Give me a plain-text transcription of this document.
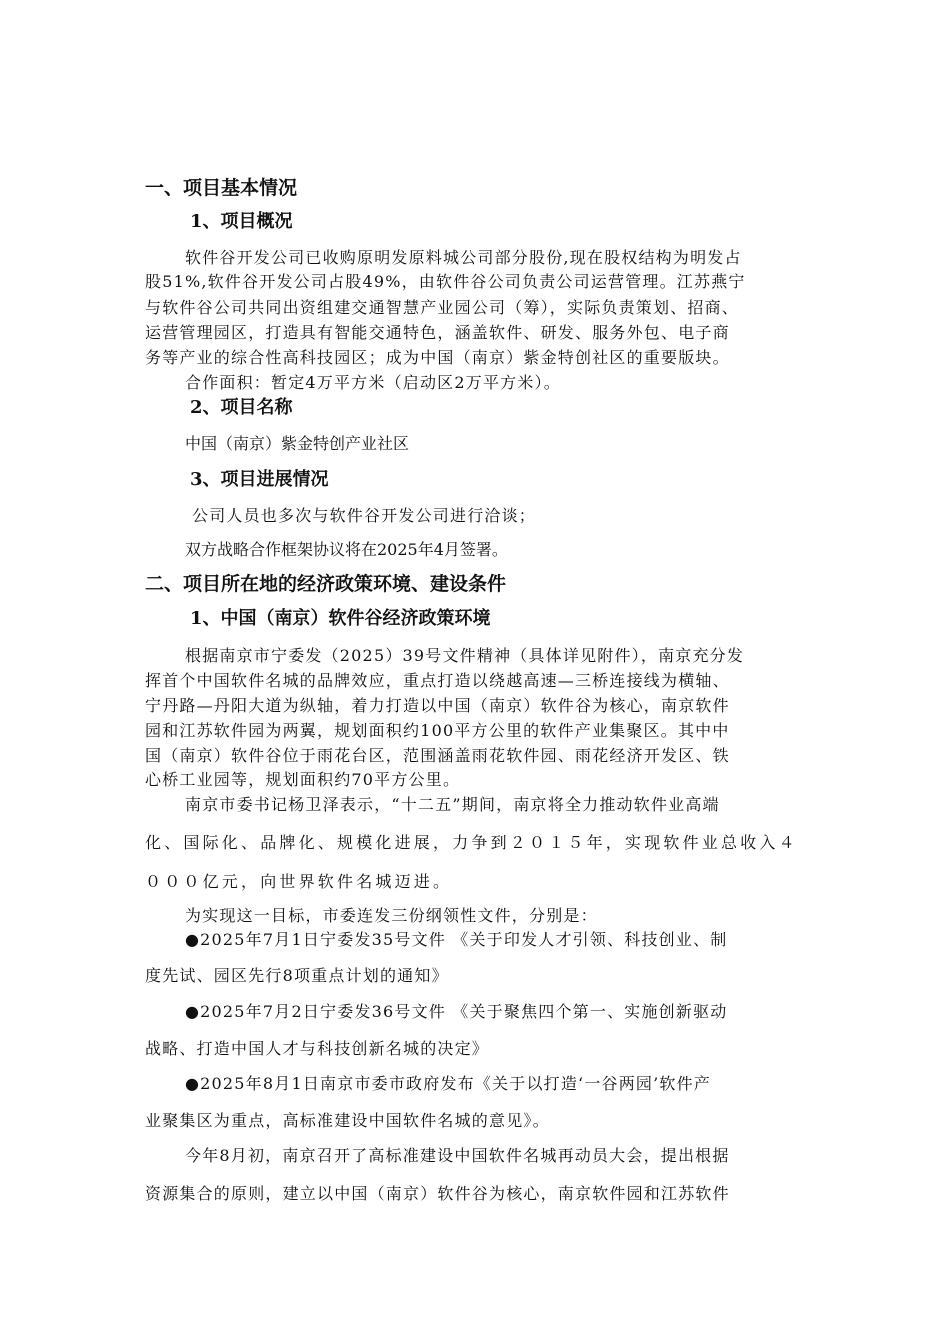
一、项目基本情况
1、项目概况
软件谷开发公司已收购原明发原料城公司部分股份,现在股权结构为明发占
股51%,软件谷开发公司占股49%，由软件谷公司负责公司运营管理。江苏燕宁
与软件谷公司共同出资组建交通智慧产业园公司（筹），实际负责策划、招商、
运营管理园区，打造具有智能交通特色，涵盖软件、研发、服务外包、电子商
务等产业的综合性高科技园区；成为中国（南京）紫金特创社区的重要版块。
合作面积：暂定4万平方米（启动区2万平方米）。
2、项目名称
中国（南京）紫金特创产业社区
3、项目进展情况
公司人员也多次与软件谷开发公司进行洽谈；
双方战略合作框架协议将在2025年4月签署。
二、项目所在地的经济政策环境、建设条件
1、中国（南京）软件谷经济政策环境
根据南京市宁委发（2025）39号文件精神（具体详见附件），南京充分发
挥首个中国软件名城的品牌效应，重点打造以绕越高速—三桥连接线为横轴、
宁丹路—丹阳大道为纵轴，着力打造以中国（南京）软件谷为核心，南京软件
园和江苏软件园为两翼，规划面积约100平方公里的软件产业集聚区。其中中
国（南京）软件谷位于雨花台区，范围涵盖雨花软件园、雨花经济开发区、铁
心桥工业园等，规划面积约70平方公里。
南京市委书记杨卫泽表示，“十二五”期间，南京将全力推动软件业高端
化、国际化、品牌化、规模化进展，力争到２０１５年，实现软件业总收入４
０００亿元，向世界软件名城迈进。
为实现这一目标，市委连发三份纲领性文件，分别是：
●2025年7月1日宁委发35号文件 《关于印发人才引领、科技创业、制
度先试、园区先行8项重点计划的通知》
●2025年7月2日宁委发36号文件 《关于聚焦四个第一、实施创新驱动
战略、打造中国人才与科技创新名城的决定》
●2025年8月1日南京市委市政府发布《关于以打造‘一谷两园’软件产
业聚集区为重点，高标准建设中国软件名城的意见》。
今年8月初，南京召开了高标准建设中国软件名城再动员大会，提出根据
资源集合的原则，建立以中国（南京）软件谷为核心，南京软件园和江苏软件
